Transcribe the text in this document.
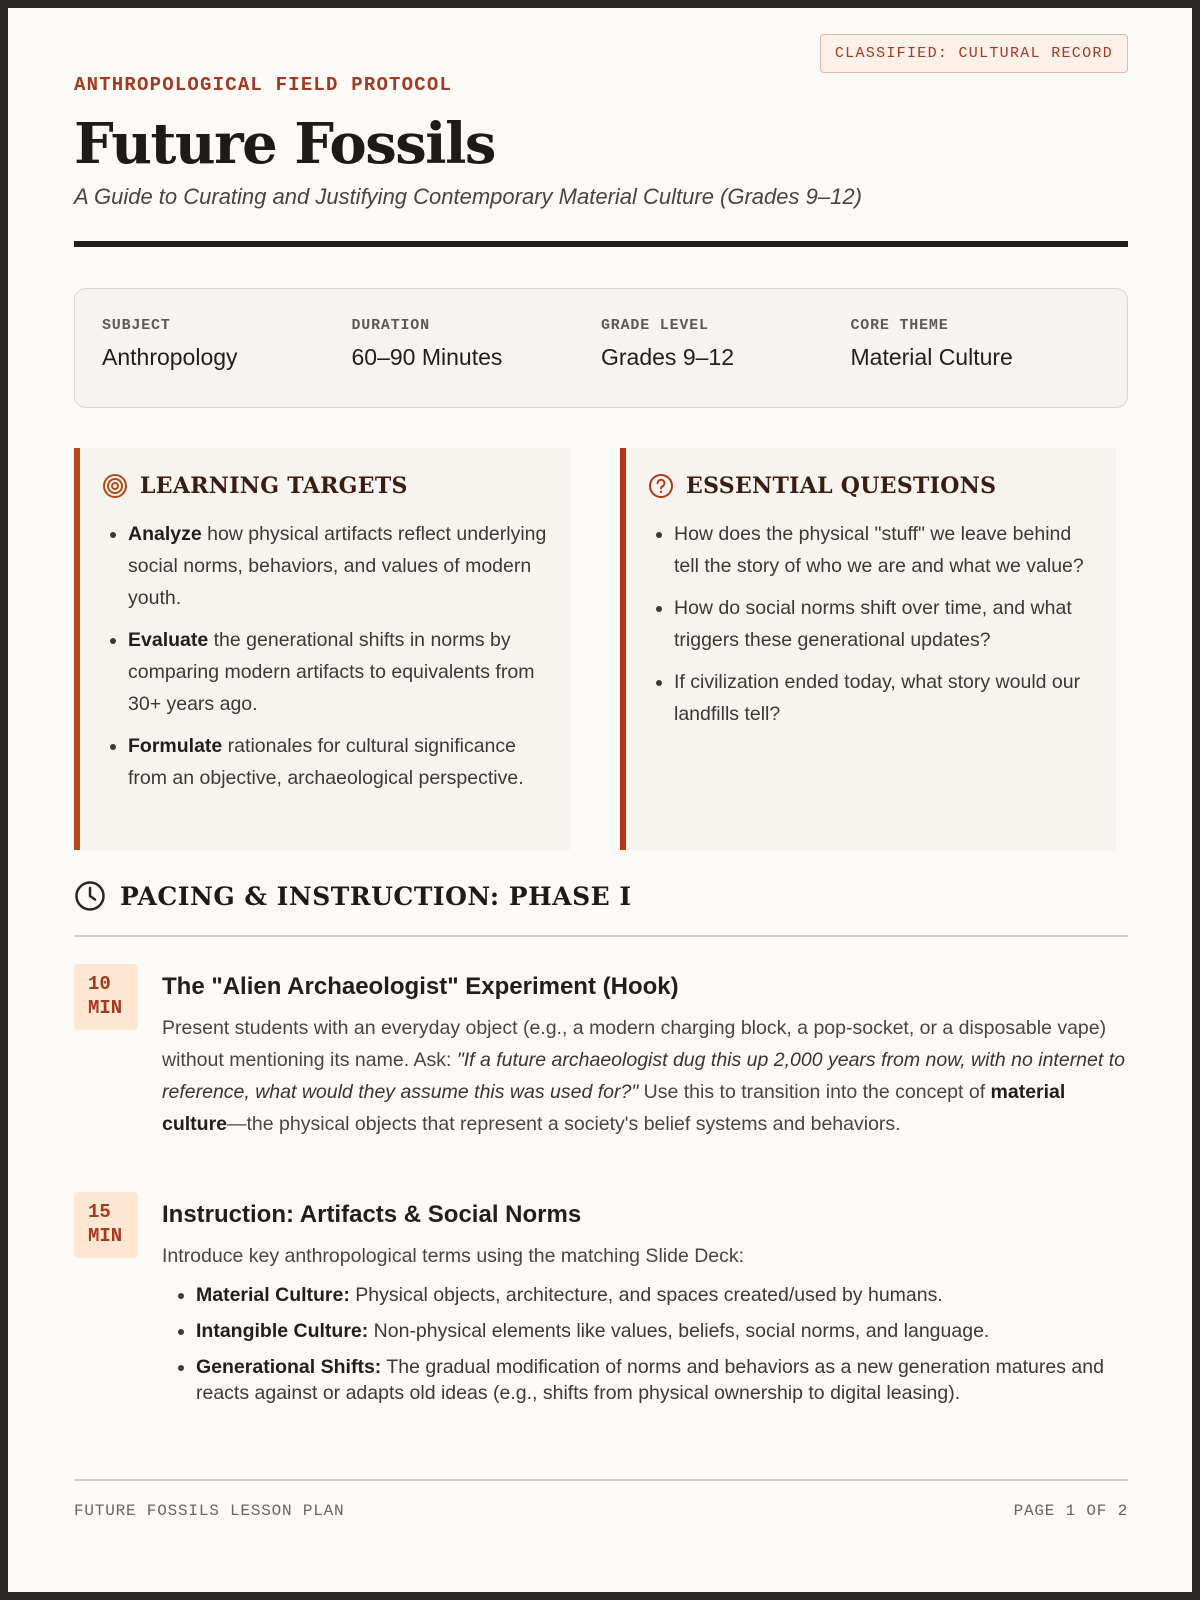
CLASSIFIED: CULTURAL RECORD
ANTHROPOLOGICAL FIELD PROTOCOL
Future Fossils
A Guide to Curating and Justifying Contemporary Material Culture (Grades 9–12)
SUBJECT
Anthropology
DURATION
60–90 Minutes
GRADE LEVEL
Grades 9–12
CORE THEME
Material Culture
LEARNING TARGETS
• Analyze how physical artifacts reflect underlying social norms, behaviors, and values of modern youth.
• Evaluate the generational shifts in norms by comparing modern artifacts to equivalents from 30+ years ago.
• Formulate rationales for cultural significance from an objective, archaeological perspective.
ESSENTIAL QUESTIONS
• How does the physical "stuff" we leave behind tell the story of who we are and what we value?
• How do social norms shift over time, and what triggers these generational updates?
• If civilization ended today, what story would our landfills tell?
PACING & INSTRUCTION: PHASE I
10
MIN
The "Alien Archaeologist" Experiment (Hook)
Present students with an everyday object (e.g., a modern charging block, a pop-socket, or a disposable vape) without mentioning its name. Ask: "If a future archaeologist dug this up 2,000 years from now, with no internet to reference, what would they assume this was used for?" Use this to transition into the concept of material culture—the physical objects that represent a society's belief systems and behaviors.
15
MIN
Instruction: Artifacts & Social Norms
Introduce key anthropological terms using the matching Slide Deck:
• Material Culture: Physical objects, architecture, and spaces created/used by humans.
• Intangible Culture: Non-physical elements like values, beliefs, social norms, and language.
• Generational Shifts: The gradual modification of norms and behaviors as a new generation matures and reacts against or adapts old ideas (e.g., shifts from physical ownership to digital leasing).
FUTURE FOSSILS LESSON PLAN	PAGE 1 OF 2
